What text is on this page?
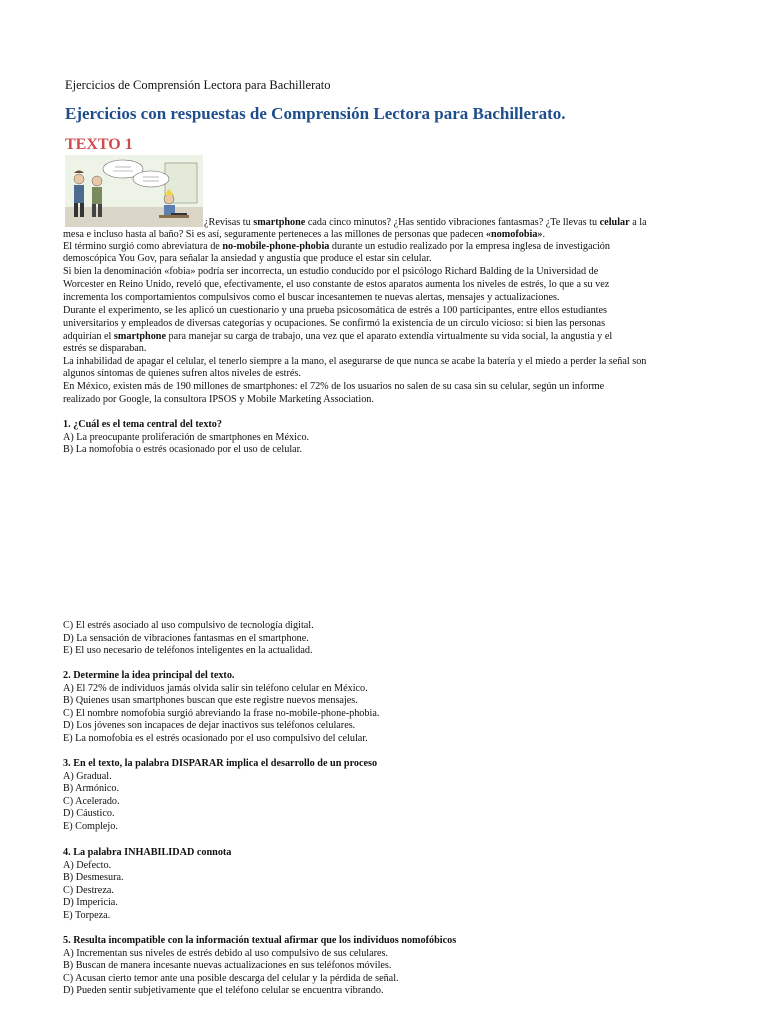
Ejercicios de Comprensión Lectora para Bachillerato
Ejercicios con respuestas de Comprensión Lectora para Bachillerato.
TEXTO 1
¿Revisas tu smartphone cada cinco minutos? ¿Has sentido vibraciones fantasmas? ¿Te llevas tu celular a la
mesa e incluso hasta al baño? Si es así, seguramente perteneces a las millones de personas que padecen «nomofobia».
El término surgió como abreviatura de no-mobile-phone-phobia durante un estudio realizado por la empresa inglesa de investigación
demoscópica You Gov, para señalar la ansiedad y angustia que produce el estar sin celular.
Si bien la denominación «fobia» podría ser incorrecta, un estudio conducido por el psicólogo Richard Balding de la Universidad de
Worcester en Reino Unido, reveló que, efectivamente, el uso constante de estos aparatos aumenta los niveles de estrés, lo que a su vez
incrementa los comportamientos compulsivos como el buscar incesantemen te nuevas alertas, mensajes y actualizaciones.
Durante el experimento, se les aplicó un cuestionario y una prueba psicosomática de estrés a 100 participantes, entre ellos estudiantes
universitarios y empleados de diversas categorías y ocupaciones. Se confirmó la existencia de un círculo vicioso: si bien las personas
adquirían el smartphone para manejar su carga de trabajo, una vez que el aparato extendía virtualmente su vida social, la angustia y el
estrés se disparaban.
La inhabilidad de apagar el celular, el tenerlo siempre a la mano, el asegurarse de que nunca se acabe la batería y el miedo a perder la señal son
algunos síntomas de quienes sufren altos niveles de estrés.
En México, existen más de 190 millones de smartphones: el 72% de los usuarios no salen de su casa sin su celular, según un informe
realizado por Google, la consultora IPSOS y Mobile Marketing Association.
1. ¿Cuál es el tema central del texto?
A) La preocupante proliferación de smartphones en México.
B) La nomofobia o estrés ocasionado por el uso de celular.
C) El estrés asociado al uso compulsivo de tecnología digital.
D) La sensación de vibraciones fantasmas en el smartphone.
E) El uso necesario de teléfonos inteligentes en la actualidad.
2. Determine la idea principal del texto.
A) El 72% de individuos jamás olvida salir sin teléfono celular en México.
B) Quienes usan smartphones buscan que este registre nuevos mensajes.
C) El nombre nomofobia surgió abreviando la frase no-mobile-phone-phobia.
D) Los jóvenes son incapaces de dejar inactivos sus teléfonos celulares.
E) La nomofobia es el estrés ocasionado por el uso compulsivo del celular.
3. En el texto, la palabra DISPARAR implica el desarrollo de un proceso
A) Gradual.
B) Armónico.
C) Acelerado.
D) Cáustico.
E) Complejo.
4. La palabra INHABILIDAD connota
A) Defecto.
B) Desmesura.
C) Destreza.
D) Impericia.
E) Torpeza.
5. Resulta incompatible con la información textual afirmar que los individuos nomofóbicos
A) Incrementan sus niveles de estrés debido al uso compulsivo de sus celulares.
B) Buscan de manera incesante nuevas actualizaciones en sus teléfonos móviles.
C) Acusan cierto temor ante una posible descarga del celular y la pérdida de señal.
D) Pueden sentir subjetivamente que el teléfono celular se encuentra vibrando.
